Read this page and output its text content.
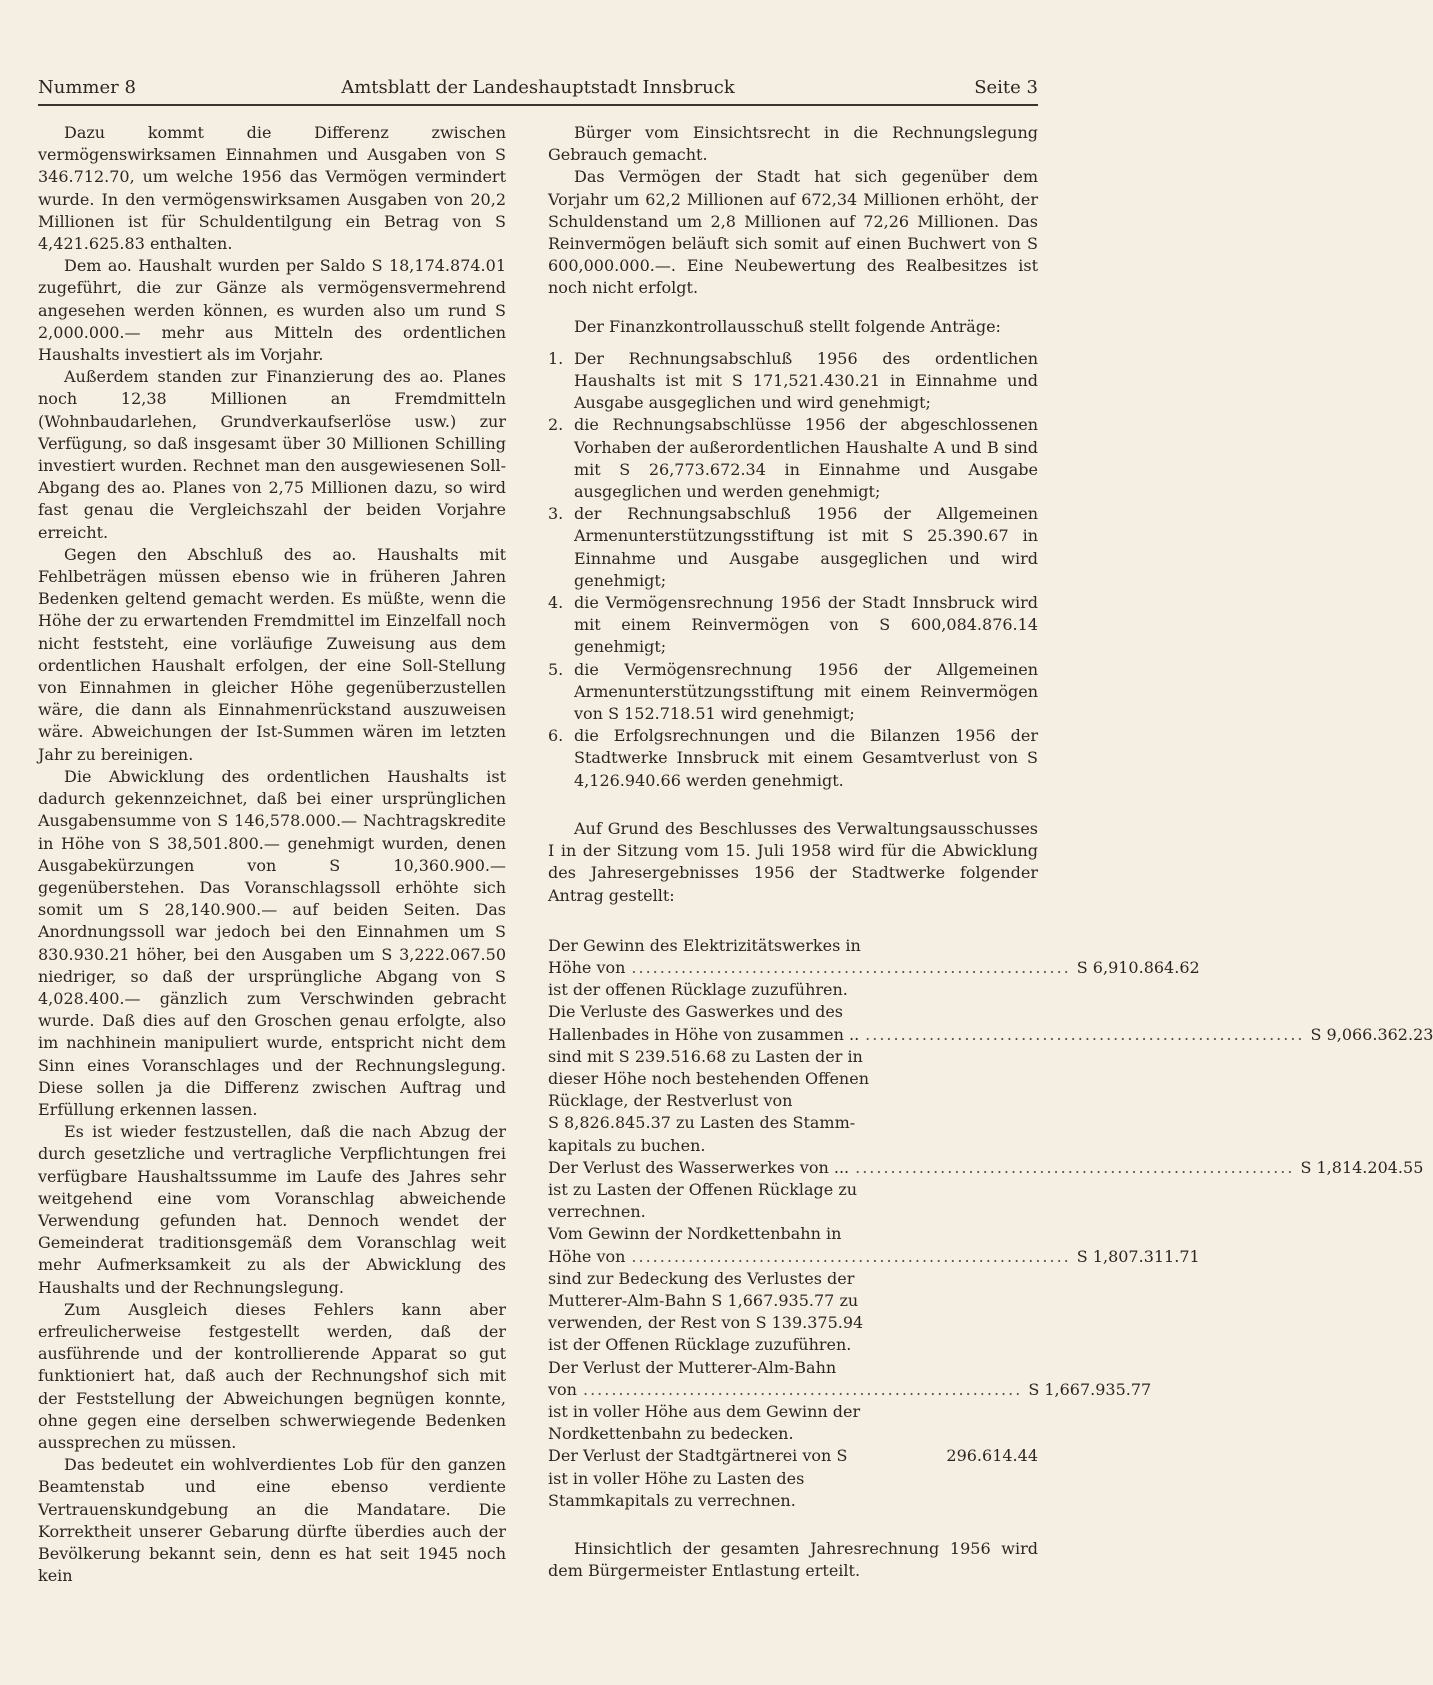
Nummer 8	Amtsblatt der Landeshauptstadt Innsbruck	Seite 3

Dazu kommt die Differenz zwischen vermögenswirksamen Einnahmen und Ausgaben von S 346.712.70, um welche 1956 das Vermögen vermindert wurde. In den vermögenswirksamen Ausgaben von 20,2 Millionen ist für Schuldentilgung ein Betrag von S 4,421.625.83 enthalten.

Dem ao. Haushalt wurden per Saldo S 18,174.874.01 zugeführt, die zur Gänze als vermögensvermehrend angesehen werden können, es wurden also um rund S 2,000.000.— mehr aus Mitteln des ordentlichen Haushalts investiert als im Vorjahr.

Außerdem standen zur Finanzierung des ao. Planes noch 12,38 Millionen an Fremdmitteln (Wohnbaudarlehen, Grundverkaufserlöse usw.) zur Verfügung, so daß insgesamt über 30 Millionen Schilling investiert wurden. Rechnet man den ausgewiesenen Soll-Abgang des ao. Planes von 2,75 Millionen dazu, so wird fast genau die Vergleichszahl der beiden Vorjahre erreicht.

Gegen den Abschluß des ao. Haushalts mit Fehlbeträgen müssen ebenso wie in früheren Jahren Bedenken geltend gemacht werden. Es müßte, wenn die Höhe der zu erwartenden Fremdmittel im Einzelfall noch nicht feststeht, eine vorläufige Zuweisung aus dem ordentlichen Haushalt erfolgen, der eine Soll-Stellung von Einnahmen in gleicher Höhe gegenüberzustellen wäre, die dann als Einnahmenrückstand auszuweisen wäre. Abweichungen der Ist-Summen wären im letzten Jahr zu bereinigen.

Die Abwicklung des ordentlichen Haushalts ist dadurch gekennzeichnet, daß bei einer ursprünglichen Ausgabensumme von S 146,578.000.— Nachtragskredite in Höhe von S 38,501.800.— genehmigt wurden, denen Ausgabekürzungen von S 10,360.900.— gegenüberstehen. Das Voranschlagssoll erhöhte sich somit um S 28,140.900.— auf beiden Seiten. Das Anordnungssoll war jedoch bei den Einnahmen um S 830.930.21 höher, bei den Ausgaben um S 3,222.067.50 niedriger, so daß der ursprüngliche Abgang von S 4,028.400.— gänzlich zum Verschwinden gebracht wurde. Daß dies auf den Groschen genau erfolgte, also im nachhinein manipuliert wurde, entspricht nicht dem Sinn eines Voranschlages und der Rechnungslegung. Diese sollen ja die Differenz zwischen Auftrag und Erfüllung erkennen lassen.

Es ist wieder festzustellen, daß die nach Abzug der durch gesetzliche und vertragliche Verpflichtungen frei verfügbare Haushaltssumme im Laufe des Jahres sehr weitgehend eine vom Voranschlag abweichende Verwendung gefunden hat. Dennoch wendet der Gemeinderat traditionsgemäß dem Voranschlag weit mehr Aufmerksamkeit zu als der Abwicklung des Haushalts und der Rechnungslegung.

Zum Ausgleich dieses Fehlers kann aber erfreulicherweise festgestellt werden, daß der ausführende und der kontrollierende Apparat so gut funktioniert hat, daß auch der Rechnungshof sich mit der Feststellung der Abweichungen begnügen konnte, ohne gegen eine derselben schwerwiegende Bedenken aussprechen zu müssen.

Das bedeutet ein wohlverdientes Lob für den ganzen Beamtenstab und eine ebenso verdiente Vertrauenskundgebung an die Mandatare. Die Korrektheit unserer Gebarung dürfte überdies auch der Bevölkerung bekannt sein, denn es hat seit 1945 noch kein

Bürger vom Einsichtsrecht in die Rechnungslegung Gebrauch gemacht.

Das Vermögen der Stadt hat sich gegenüber dem Vorjahr um 62,2 Millionen auf 672,34 Millionen erhöht, der Schuldenstand um 2,8 Millionen auf 72,26 Millionen. Das Reinvermögen beläuft sich somit auf einen Buchwert von S 600,000.000.—. Eine Neubewertung des Realbesitzes ist noch nicht erfolgt.

Der Finanzkontrollausschuß stellt folgende Anträge:

1. Der Rechnungsabschluß 1956 des ordentlichen Haushalts ist mit S 171,521.430.21 in Einnahme und Ausgabe ausgeglichen und wird genehmigt;
2. die Rechnungsabschlüsse 1956 der abgeschlossenen Vorhaben der außerordentlichen Haushalte A und B sind mit S 26,773.672.34 in Einnahme und Ausgabe ausgeglichen und werden genehmigt;
3. der Rechnungsabschluß 1956 der Allgemeinen Armenunterstützungsstiftung ist mit S 25.390.67 in Einnahme und Ausgabe ausgeglichen und wird genehmigt;
4. die Vermögensrechnung 1956 der Stadt Innsbruck wird mit einem Reinvermögen von S 600,084.876.14 genehmigt;
5. die Vermögensrechnung 1956 der Allgemeinen Armenunterstützungsstiftung mit einem Reinvermögen von S 152.718.51 wird genehmigt;
6. die Erfolgsrechnungen und die Bilanzen 1956 der Stadtwerke Innsbruck mit einem Gesamtverlust von S 4,126.940.66 werden genehmigt.

Auf Grund des Beschlusses des Verwaltungsausschusses I in der Sitzung vom 15. Juli 1958 wird für die Abwicklung des Jahresergebnisses 1956 der Stadtwerke folgender Antrag gestellt:

Der Gewinn des Elektrizitätswerkes in
Höhe von .............................................................. S 6,910.864.62
ist der offenen Rücklage zuzuführen.
Die Verluste des Gaswerkes und des
Hallenbades in Höhe von zusammen .. .............................................................. S 9,066.362.23
sind mit S 239.516.68 zu Lasten der in
dieser Höhe noch bestehenden Offenen
Rücklage, der Restverlust von
S 8,826.845.37 zu Lasten des Stamm-
kapitals zu buchen.
Der Verlust des Wasserwerkes von ... .............................................................. S 1,814.204.55
ist zu Lasten der Offenen Rücklage zu
verrechnen.
Vom Gewinn der Nordkettenbahn in
Höhe von .............................................................. S 1,807.311.71
sind zur Bedeckung des Verlustes der
Mutterer-Alm-Bahn S 1,667.935.77 zu
verwenden, der Rest von S 139.375.94
ist der Offenen Rücklage zuzuführen.
Der Verlust der Mutterer-Alm-Bahn
von .............................................................. S 1,667.935.77
ist in voller Höhe aus dem Gewinn der
Nordkettenbahn zu bedecken.
Der Verlust der Stadtgärtnerei von S	296.614.44
ist in voller Höhe zu Lasten des
Stammkapitals zu verrechnen.

Hinsichtlich der gesamten Jahresrechnung 1956 wird dem Bürgermeister Entlastung erteilt.
